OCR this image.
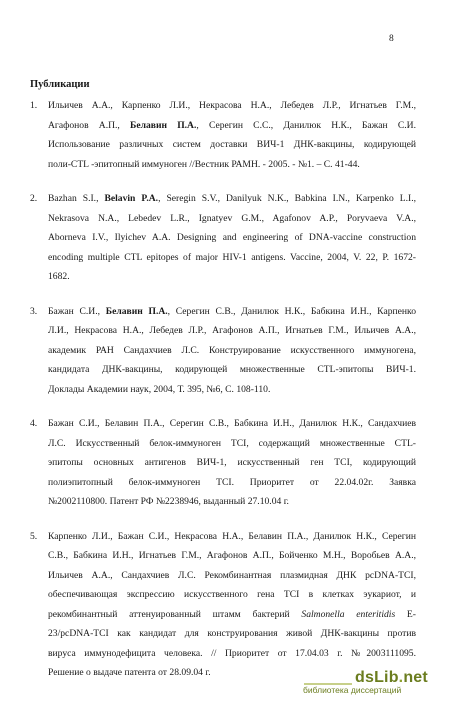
8
Публикации
1.	Ильичев А.А., Карпенко Л.И., Некрасова Н.А., Лебедев Л.Р., Игнатьев Г.М.,
Агафонов А.П., Белавин П.А., Серегин С.С., Данилюк Н.К., Бажан С.И.
Использование различных систем доставки ВИЧ-1 ДНК-вакцины, кодирующей
поли-CTL -эпитопный иммуноген //Вестник РАМН. - 2005. - №1. – С. 41-44.
2.	Bazhan S.I., Belavin P.A., Seregin S.V., Danilyuk N.K., Babkina I.N., Karpenko L.I.,
Nekrasova N.A., Lebedev L.R., Ignatyev G.M., Agafonov A.P., Poryvaeva V.A.,
Aborneva I.V., Ilyichev A.A. Designing and engineering of DNA-vaccine construction
encoding multiple CTL epitopes of major HIV-1 antigens. Vaccine, 2004, V. 22, P. 1672-
1682.
3.	Бажан С.И., Белавин П.А., Серегин С.В., Данилюк Н.К., Бабкина И.Н., Карпенко
Л.И., Некрасова Н.А., Лебедев Л.Р., Агафонов А.П., Игнатьев Г.М., Ильичев А.А.,
академик РАН Сандахчиев Л.С. Конструирование искусственного иммуногена,
кандидата ДНК-вакцины, кодирующей множественные CTL-эпитопы ВИЧ-1.
Доклады Академии наук, 2004, Т. 395, №6, С. 108-110.
4.	Бажан С.И., Белавин П.А., Серегин С.В., Бабкина И.Н., Данилюк Н.К., Сандахчиев
Л.С. Искусственный белок-иммуноген TCI, содержащий множественные CTL-
эпитопы основных антигенов ВИЧ-1, искусственный ген TCI, кодирующий
полиэпитопный белок-иммуноген TCI. Приоритет от 22.04.02г. Заявка
№2002110800. Патент РФ №2238946, выданный 27.10.04 г.
5.	Карпенко Л.И., Бажан С.И., Некрасова Н.А., Белавин П.А., Данилюк Н.К., Серегин
С.В., Бабкина И.Н., Игнатьев Г.М., Агафонов А.П., Бойченко М.Н., Воробьев А.А.,
Ильичев А.А., Сандахчиев Л.С. Рекомбинантная плазмидная ДНК pcDNA-TCI,
обеспечивающая экспрессию искусственного гена TCI в клетках эукариот, и
рекомбинантный аттенуированный штамм бактерий Salmonella enteritidis E-
23/pcDNA-TCI как кандидат для конструирования живой ДНК-вакцины против
вируса иммунодефицита человека. // Приоритет от 17.04.03 г. №2003111095.
Решение о выдаче патента от 28.09.04 г.	dsLib.net
библиотека диссертаций
